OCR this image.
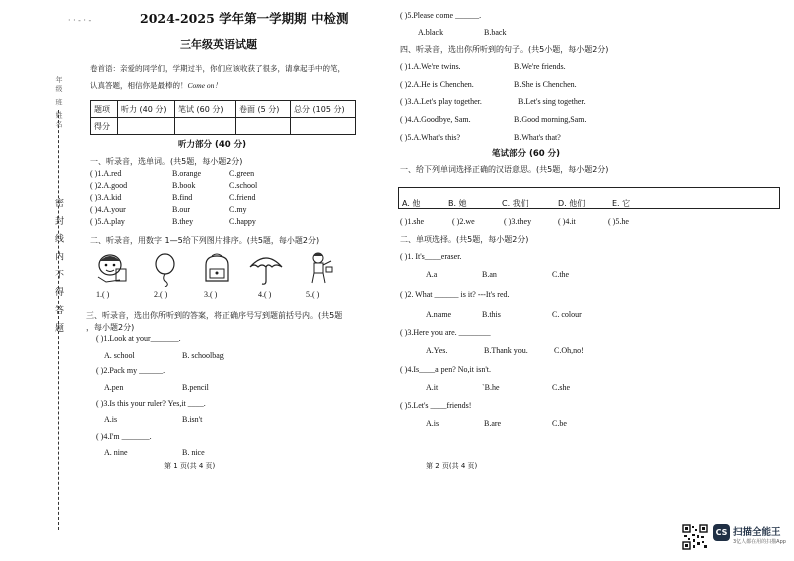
· · - · -
年级 班 姓名
密 封 线 内 不 得 答 题
2024-2025 学年第一学期期 中检测
三年级英语试题
卷首语：亲爱的同学们，学期过半，你们应该收获了很多，请拿起手中的笔，
认真答题，相信你是最棒的！Come on！
题项	听力 (40 分)	笔试 (60 分)	卷面 (5 分)	总分 (105 分)
得分				
听力部分 (40 分)
一、听录音，选单词。(共5题，每小题2分)
( )1.A.red	B.orange	C.green
( )2.A.good	B.book	C.school
( )3.A.kid	B.find	C.friend
( )4.A.your	B.our	C.my
( )5.A.play	B.they	C.happy
二、听录音，用数字 1—5给下列图片排序。(共5题，每小题2分)
1.( )	2.( )	3.( )	4.( )	5.( )
三、听录音，选出你所听到的答案，将正确序号写到题前括号内。(共5题
，每小题2分)
( )1.Look at your_______.
A. school	B. schoolbag
( )2.Pack my ______.
A.pen	B.pencil
( )3.Is this your ruler? Yes,it ____.
A.is	B.isn't
( )4.I'm _______.
A. nine	B. nice
第 1 页(共 4 页)
( )5.Please come ______.
A.black	B.back
四、听录音，选出你所听到的句子。(共5小题，每小题2分)
( )1.A.We're twins.	B.We're friends.
( )2.A.He is Chenchen.	B.She is Chenchen.
( )3.A.Let's play together.	B.Let's sing together.
( )4.A.Goodbye, Sam.	B.Good morning,Sam.
( )5.A.What's this?	B.What's that?
笔试部分 (60 分)
一、给下列单词选择正确的汉语意思。(共5题，每小题2分)
A. 他	B. 她	C. 我们	D. 他们	E. 它
( )1.she	( )2.we	( )3.they	( )4.it	( )5.he
二、单项选择。(共5题，每小题2分)
( )1. It's____eraser.
A.a	B.an	C.the
( )2. What ______ is it? ---It's red.
A.name	B.this	C. colour
( )3.Here you are. ________
A.Yes.	B.Thank you.	C.Oh,no!
( )4.Is____a pen? No,it isn't.
A.it	`B.he	C.she
( )5.Let's ____friends!
A.is	B.are	C.be
第 2 页(共 4 页)
CS 扫描全能王
3亿人都在用的扫描App
